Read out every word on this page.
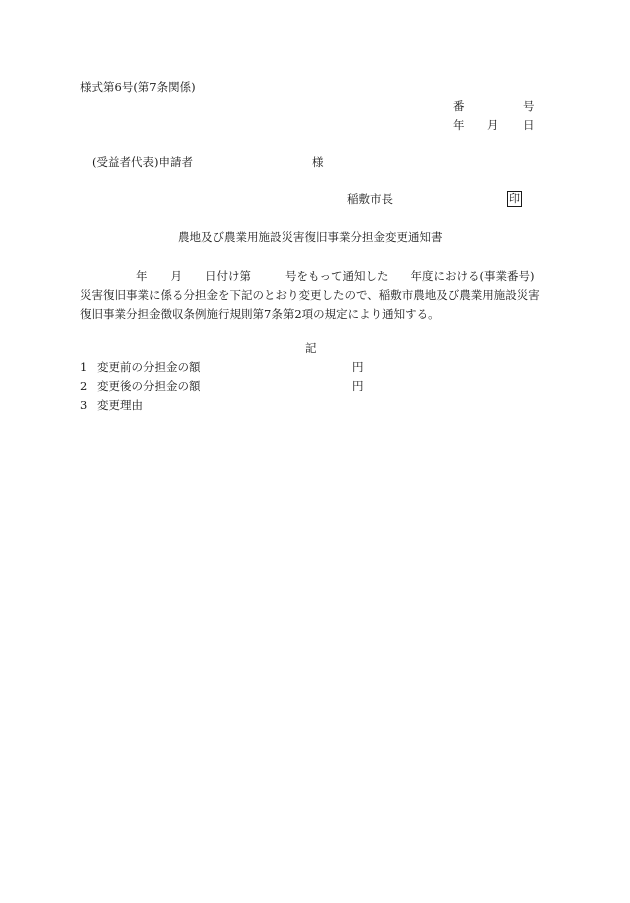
様式第6号(第7条関係)
番	号
年 月 日
(受益者代表)申請者	様
稲敷市長	印
農地及び農業用施設災害復旧事業分担金変更通知書
年 月 日付け第	号をもって通知した 年度における(事業番号)
災害復旧事業に係る分担金を下記のとおり変更したので、稲敷市農地及び農業用施設災害
復旧事業分担金徴収条例施行規則第7条第2項の規定により通知する。
記
1 変更前の分担金の額	円
2 変更後の分担金の額	円
3 変更理由
